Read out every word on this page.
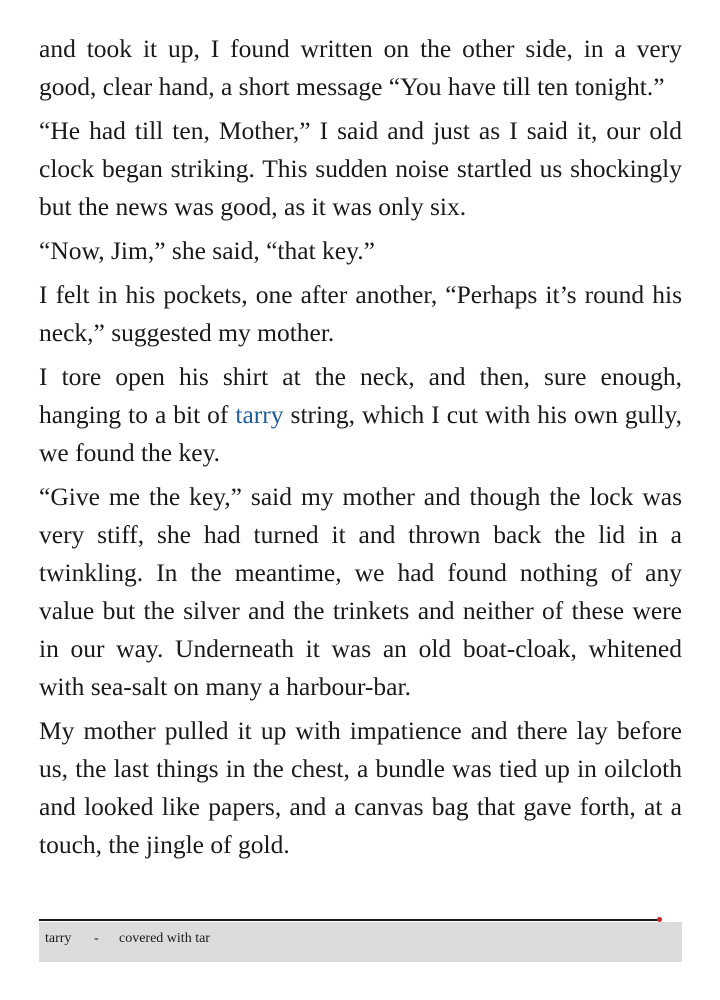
and took it up, I found written on the other side, in a very good, clear hand, a short message “You have till ten tonight.”

“He had till ten, Mother,” I said and just as I said it, our old clock began striking. This sudden noise startled us shockingly but the news was good, as it was only six.

“Now, Jim,” she said, “that key.”

I felt in his pockets, one after another, “Perhaps it’s round his neck,” suggested my mother.

I tore open his shirt at the neck, and then, sure enough, hanging to a bit of tarry string, which I cut with his own gully, we found the key.

“Give me the key,” said my mother and though the lock was very stiff, she had turned it and thrown back the lid in a twinkling. In the meantime, we had found nothing of any value but the silver and the trinkets and neither of these were in our way. Underneath it was an old boat-cloak, whitened with sea-salt on many a harbour-bar.

My mother pulled it up with impatience and there lay before us, the last things in the chest, a bundle was tied up in oilcloth and looked like papers, and a canvas bag that gave forth, at a touch, the jingle of gold.

tarry - covered with tar
